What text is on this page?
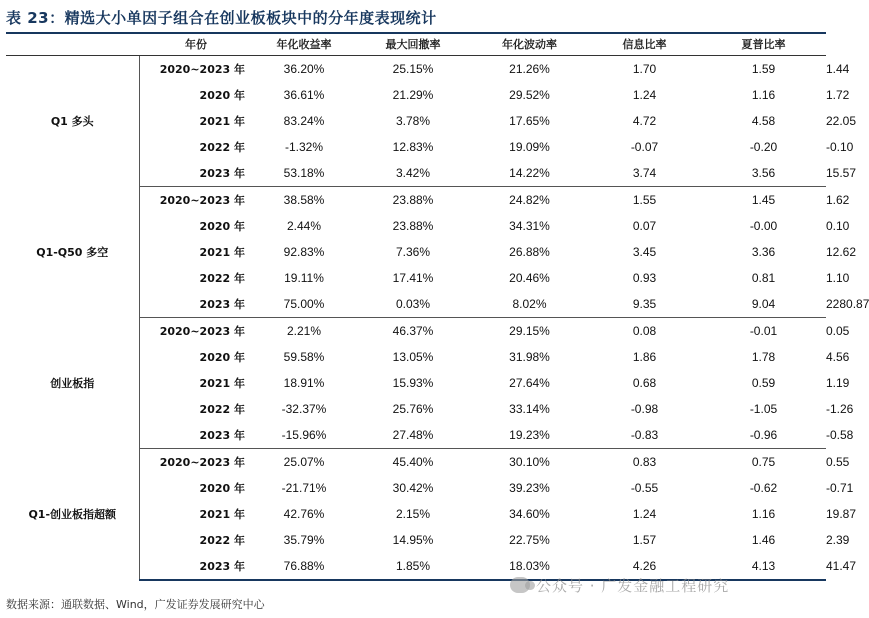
表 23：精选大小单因子组合在创业板板块中的分年度表现统计
	年份	年化收益率	最大回撤率	年化波动率	信息比率	夏普比率	
Q1 多头	2020~2023 年	36.20%	25.15%	21.26%	1.70	1.59	1.44
	2020 年	36.61%	21.29%	29.52%	1.24	1.16	1.72
	2021 年	83.24%	3.78%	17.65%	4.72	4.58	22.05
	2022 年	-1.32%	12.83%	19.09%	-0.07	-0.20	-0.10
	2023 年	53.18%	3.42%	14.22%	3.74	3.56	15.57
Q1-Q50 多空	2020~2023 年	38.58%	23.88%	24.82%	1.55	1.45	1.62
	2020 年	2.44%	23.88%	34.31%	0.07	-0.00	0.10
	2021 年	92.83%	7.36%	26.88%	3.45	3.36	12.62
	2022 年	19.11%	17.41%	20.46%	0.93	0.81	1.10
	2023 年	75.00%	0.03%	8.02%	9.35	9.04	2280.87
创业板指	2020~2023 年	2.21%	46.37%	29.15%	0.08	-0.01	0.05
	2020 年	59.58%	13.05%	31.98%	1.86	1.78	4.56
	2021 年	18.91%	15.93%	27.64%	0.68	0.59	1.19
	2022 年	-32.37%	25.76%	33.14%	-0.98	-1.05	-1.26
	2023 年	-15.96%	27.48%	19.23%	-0.83	-0.96	-0.58
Q1-创业板指超额	2020~2023 年	25.07%	45.40%	30.10%	0.83	0.75	0.55
	2020 年	-21.71%	30.42%	39.23%	-0.55	-0.62	-0.71
	2021 年	42.76%	2.15%	34.60%	1.24	1.16	19.87
	2022 年	35.79%	14.95%	22.75%	1.57	1.46	2.39
	2023 年	76.88%	1.85%	18.03%	4.26	4.13	41.47
数据来源：通联数据、Wind，广发证券发展研究中心
公众号 · 广发金融工程研究
